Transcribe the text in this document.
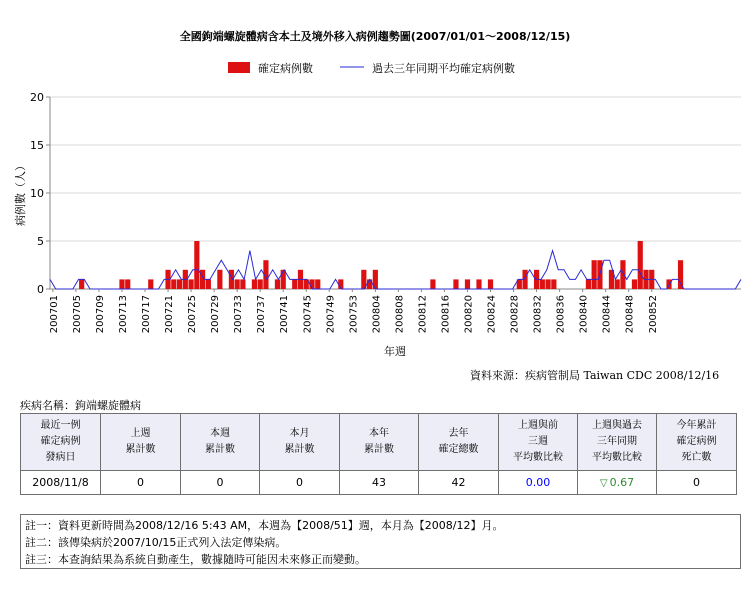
全國鉤端螺旋體病含本土及境外移入病例趨勢圖(2007/01/01～2008/12/15)
確定病例數	過去三年同期平均確定病例數
0
5
10
15
20
病例數（人）
200701 200705 200709 200713 200717 200721 200725 200729 200733 200737 200741 200745 200749 200753 200804 200808 200812 200816 200820 200824 200828 200832 200836 200840 200844 200848 200852
年週
資料來源：疾病管制局 Taiwan CDC 2008/12/16
疾病名稱：鉤端螺旋體病
最近一例
確定病例
發病日	上週
累計數	本週
累計數	本月
累計數	本年
累計數	去年
確定總數	上週與前
三週
平均數比較	上週與過去
三年同期
平均數比較	今年累計
確定病例
死亡數
2008/11/8	0	0	0	43	42	0.00	▽ 0.67	0
註一：資料更新時間為2008/12/16 5:43 AM，本週為【2008/51】週，本月為【2008/12】月。
註二：該傳染病於2007/10/15正式列入法定傳染病。
註三：本查詢結果為系統自動產生，數據隨時可能因未來修正而變動。
